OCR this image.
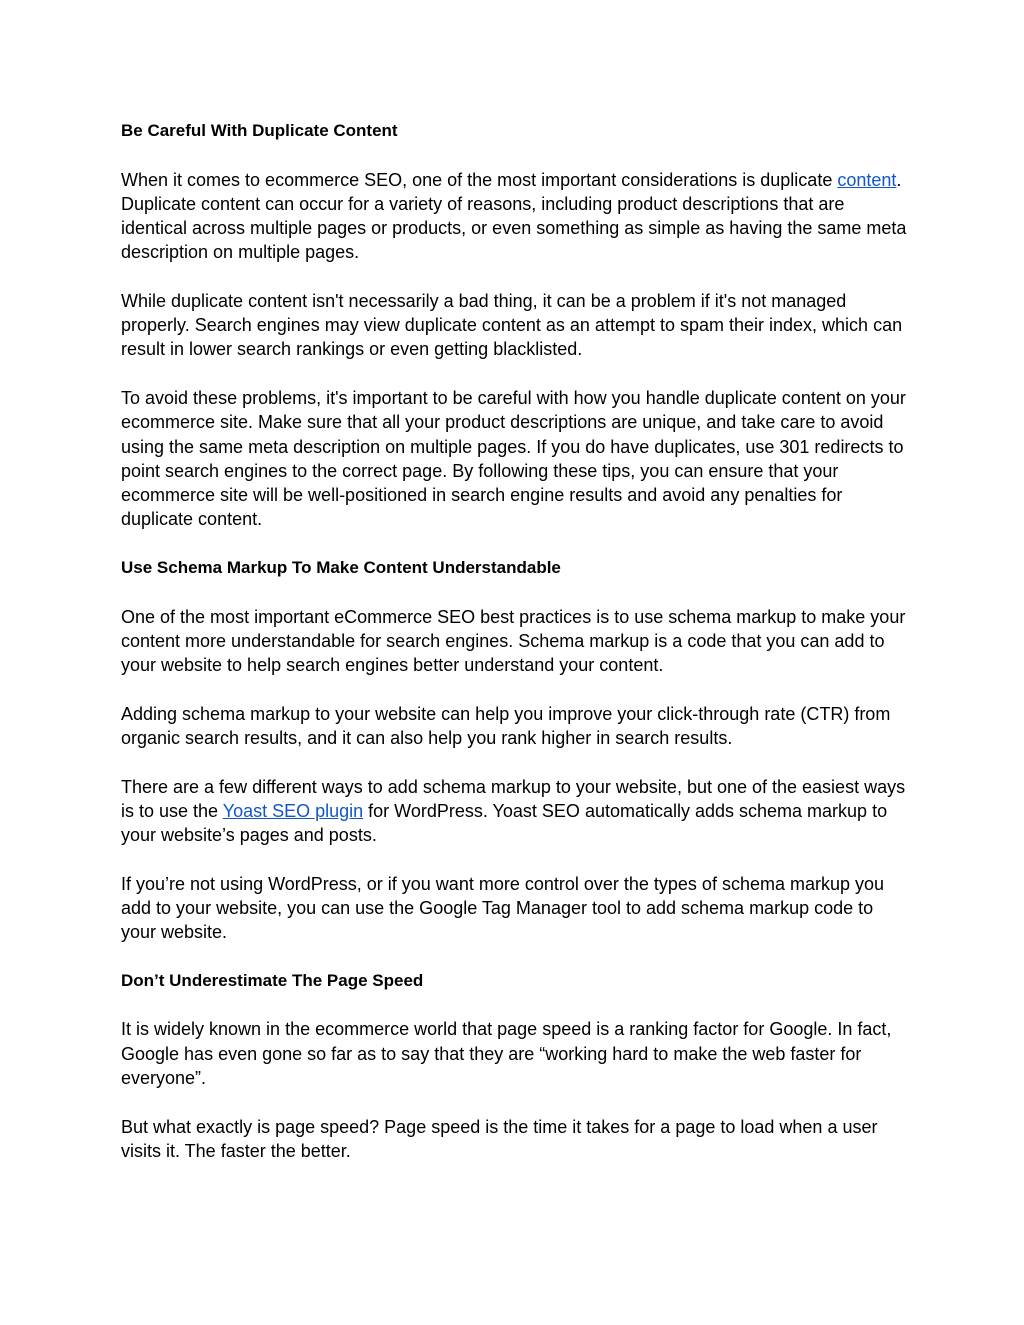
Be Careful With Duplicate Content

When it comes to ecommerce SEO, one of the most important considerations is duplicate content. Duplicate content can occur for a variety of reasons, including product descriptions that are identical across multiple pages or products, or even something as simple as having the same meta description on multiple pages.

While duplicate content isn't necessarily a bad thing, it can be a problem if it's not managed properly. Search engines may view duplicate content as an attempt to spam their index, which can result in lower search rankings or even getting blacklisted.

To avoid these problems, it's important to be careful with how you handle duplicate content on your ecommerce site. Make sure that all your product descriptions are unique, and take care to avoid using the same meta description on multiple pages. If you do have duplicates, use 301 redirects to point search engines to the correct page. By following these tips, you can ensure that your ecommerce site will be well-positioned in search engine results and avoid any penalties for duplicate content.

Use Schema Markup To Make Content Understandable

One of the most important eCommerce SEO best practices is to use schema markup to make your content more understandable for search engines. Schema markup is a code that you can add to your website to help search engines better understand your content.

Adding schema markup to your website can help you improve your click-through rate (CTR) from organic search results, and it can also help you rank higher in search results.

There are a few different ways to add schema markup to your website, but one of the easiest ways is to use the Yoast SEO plugin for WordPress. Yoast SEO automatically adds schema markup to your website’s pages and posts.

If you’re not using WordPress, or if you want more control over the types of schema markup you add to your website, you can use the Google Tag Manager tool to add schema markup code to your website.

Don’t Underestimate The Page Speed

It is widely known in the ecommerce world that page speed is a ranking factor for Google. In fact, Google has even gone so far as to say that they are “working hard to make the web faster for everyone”.

But what exactly is page speed? Page speed is the time it takes for a page to load when a user visits it. The faster the better.
